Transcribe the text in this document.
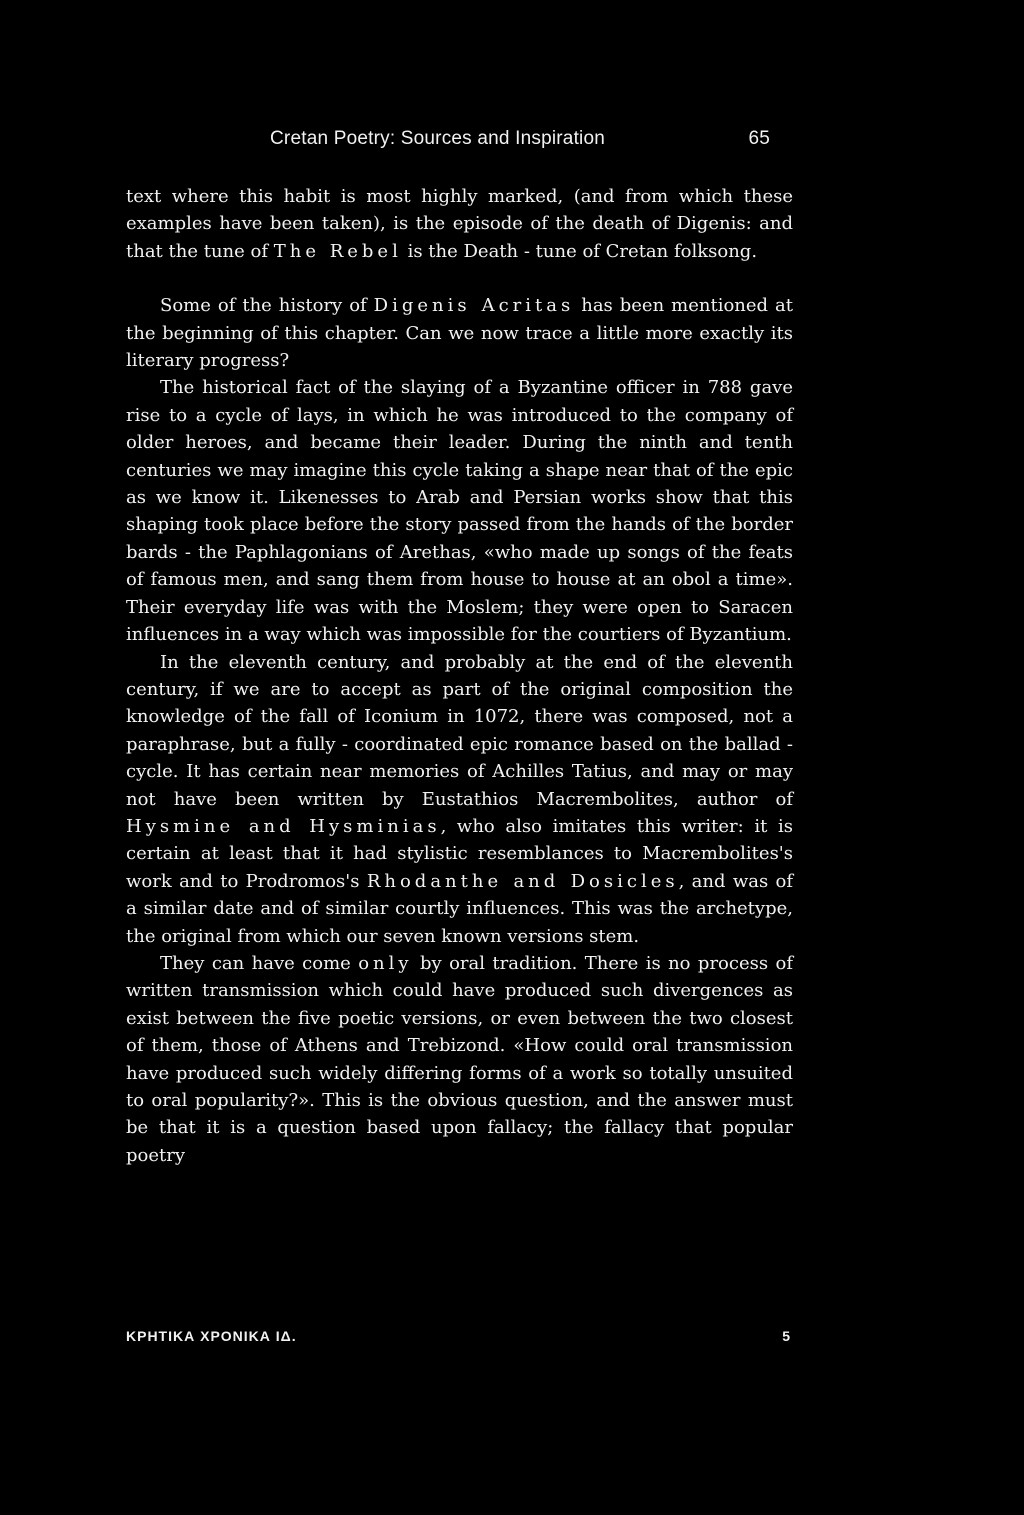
Cretan Poetry: Sources and Inspiration	65

text where this habit is most highly marked, (and from which these examples have been taken), is the episode of the death of Digenis: and that the tune of The Rebel is the Death - tune of Cretan folksong.

Some of the history of Digenis Acritas has been mentioned at the beginning of this chapter. Can we now trace a little more exactly its literary progress?

The historical fact of the slaying of a Byzantine officer in 788 gave rise to a cycle of lays, in which he was introduced to the company of older heroes, and became their leader. During the ninth and tenth centuries we may imagine this cycle taking a shape near that of the epic as we know it. Likenesses to Arab and Persian works show that this shaping took place before the story passed from the hands of the border bards - the Paphlagonians of Arethas, «who made up songs of the feats of famous men, and sang them from house to house at an obol a time». Their everyday life was with the Moslem; they were open to Saracen influences in a way which was impossible for the courtiers of Byzantium.

In the eleventh century, and probably at the end of the eleventh century, if we are to accept as part of the original composition the knowledge of the fall of Iconium in 1072, there was composed, not a paraphrase, but a fully - coordinated epic romance based on the ballad - cycle. It has certain near memories of Achilles Tatius, and may or may not have been written by Eustathios Macrembolites, author of Hysmine and Hysminias, who also imitates this writer: it is certain at least that it had stylistic resemblances to Macrembolites's work and to Prodromos's Rhodanthe and Dosicles, and was of a similar date and of similar courtly influences. This was the archetype, the original from which our seven known versions stem.

They can have come only by oral tradition. There is no process of written transmission which could have produced such divergences as exist between the five poetic versions, or even between the two closest of them, those of Athens and Trebizond. «How could oral transmission have produced such widely differing forms of a work so totally unsuited to oral popularity?». This is the obvious question, and the answer must be that it is a question based upon fallacy; the fallacy that popular poetry

ΚΡΗΤΙΚΑ ΧΡΟΝΙΚΑ ΙΔ.	5
